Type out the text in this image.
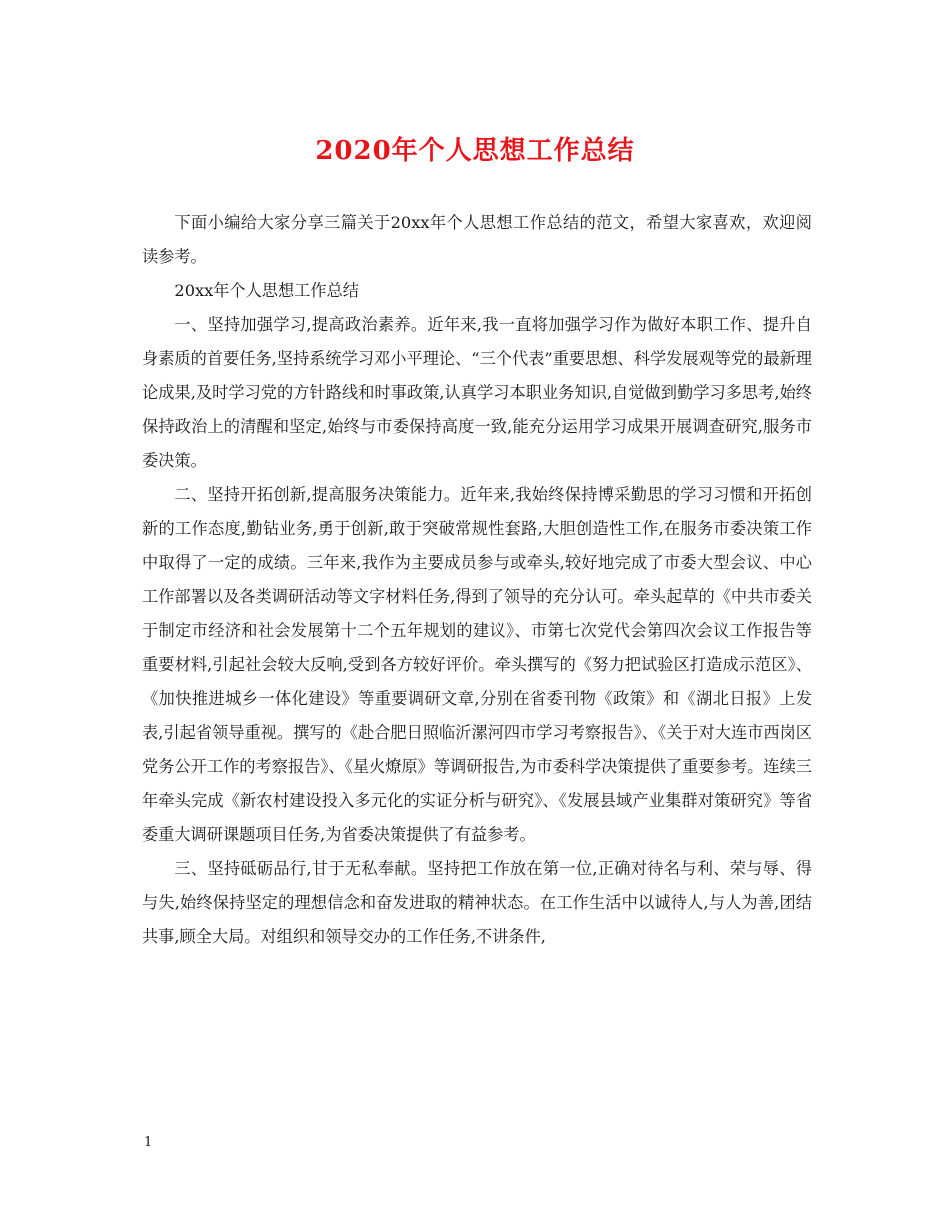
2020年个人思想工作总结

下面小编给大家分享三篇关于20xx年个人思想工作总结的范文，希望大家喜欢，欢迎阅读参考。

20xx年个人思想工作总结

一、坚持加强学习,提高政治素养。近年来,我一直将加强学习作为做好本职工作、提升自身素质的首要任务,坚持系统学习邓小平理论、“三个代表”重要思想、科学发展观等党的最新理论成果,及时学习党的方针路线和时事政策,认真学习本职业务知识,自觉做到勤学习多思考,始终保持政治上的清醒和坚定,始终与市委保持高度一致,能充分运用学习成果开展调查研究,服务市委决策。

二、坚持开拓创新,提高服务决策能力。近年来,我始终保持博采勤思的学习习惯和开拓创新的工作态度,勤钻业务,勇于创新,敢于突破常规性套路,大胆创造性工作,在服务市委决策工作中取得了一定的成绩。三年来,我作为主要成员参与或牵头,较好地完成了市委大型会议、中心工作部署以及各类调研活动等文字材料任务,得到了领导的充分认可。牵头起草的《中共市委关于制定市经济和社会发展第十二个五年规划的建议》、市第七次党代会第四次会议工作报告等重要材料,引起社会较大反响,受到各方较好评价。牵头撰写的《努力把试验区打造成示范区》、《加快推进城乡一体化建设》等重要调研文章,分别在省委刊物《政策》和《湖北日报》上发表,引起省领导重视。撰写的《赴合肥日照临沂漯河四市学习考察报告》、《关于对大连市西岗区党务公开工作的考察报告》、《星火燎原》等调研报告,为市委科学决策提供了重要参考。连续三年牵头完成《新农村建设投入多元化的实证分析与研究》、《发展县域产业集群对策研究》等省委重大调研课题项目任务,为省委决策提供了有益参考。

三、坚持砥砺品行,甘于无私奉献。坚持把工作放在第一位,正确对待名与利、荣与辱、得与失,始终保持坚定的理想信念和奋发进取的精神状态。在工作生活中以诚待人,与人为善,团结共事,顾全大局。对组织和领导交办的工作任务,不讲条件,

1
